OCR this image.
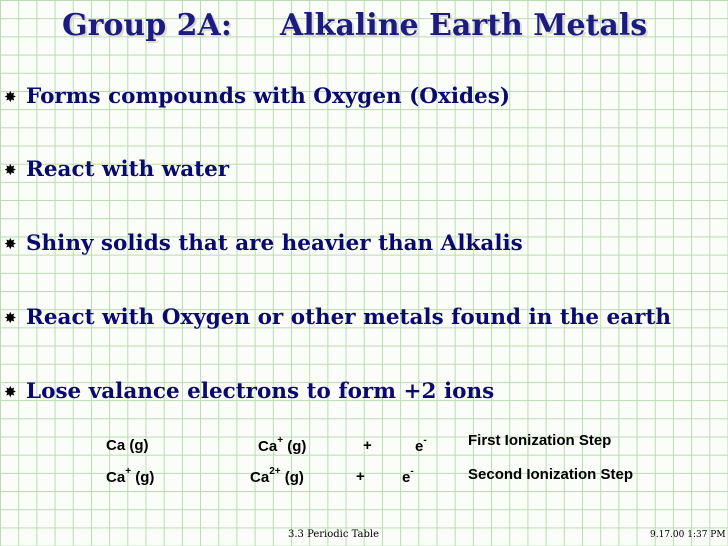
Group 2A: Alkaline Earth Metals
✸ Forms compounds with Oxygen (Oxides)
✸ React with water
✸ Shiny solids that are heavier than Alkalis
✸ React with Oxygen or other metals found in the earth
✸ Lose valance electrons to form +2 ions
Ca (g)	Ca+ (g)	+	e-	First Ionization Step
Ca+ (g)	$Ca^{2+}$ (g)	+ e-	Second Ionization Step
3.3 Periodic Table	9.17.00 1:37 PM
